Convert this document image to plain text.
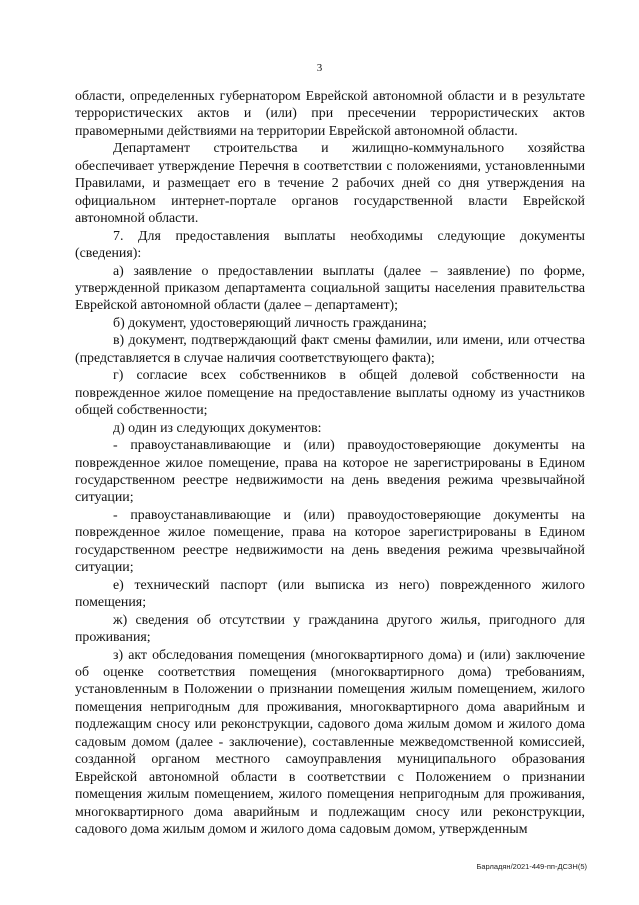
3

области, определенных губернатором Еврейской автономной области и в результате террористических актов и (или) при пресечении террористических актов правомерными действиями на территории Еврейской автономной области.

Департамент строительства и жилищно-коммунального хозяйства обеспечивает утверждение Перечня в соответствии с положениями, установленными Правилами, и размещает его в течение 2 рабочих дней со дня утверждения на официальном интернет-портале органов государственной власти Еврейской автономной области.

7. Для предоставления выплаты необходимы следующие документы (сведения):

а) заявление о предоставлении выплаты (далее – заявление) по форме, утвержденной приказом департамента социальной защиты населения правительства Еврейской автономной области (далее – департамент);

б) документ, удостоверяющий личность гражданина;

в) документ, подтверждающий факт смены фамилии, или имени, или отчества (представляется в случае наличия соответствующего факта);

г) согласие всех собственников в общей долевой собственности на поврежденное жилое помещение на предоставление выплаты одному из участников общей собственности;

д) один из следующих документов:

- правоустанавливающие и (или) правоудостоверяющие документы на поврежденное жилое помещение, права на которое не зарегистрированы в Едином государственном реестре недвижимости на день введения режима чрезвычайной ситуации;

- правоустанавливающие и (или) правоудостоверяющие документы на поврежденное жилое помещение, права на которое зарегистрированы в Едином государственном реестре недвижимости на день введения режима чрезвычайной ситуации;

е) технический паспорт (или выписка из него) поврежденного жилого помещения;

ж) сведения об отсутствии у гражданина другого жилья, пригодного для проживания;

з) акт обследования помещения (многоквартирного дома) и (или) заключение об оценке соответствия помещения (многоквартирного дома) требованиям, установленным в Положении о признании помещения жилым помещением, жилого помещения непригодным для проживания, многоквартирного дома аварийным и подлежащим сносу или реконструкции, садового дома жилым домом и жилого дома садовым домом (далее - заключение), составленные межведомственной комиссией, созданной органом местного самоуправления муниципального образования Еврейской автономной области в соответствии с Положением о признании помещения жилым помещением, жилого помещения непригодным для проживания, многоквартирного дома аварийным и подлежащим сносу или реконструкции, садового дома жилым домом и жилого дома садовым домом, утвержденным

Барладян/2021-449-пп-ДСЗН(5)
